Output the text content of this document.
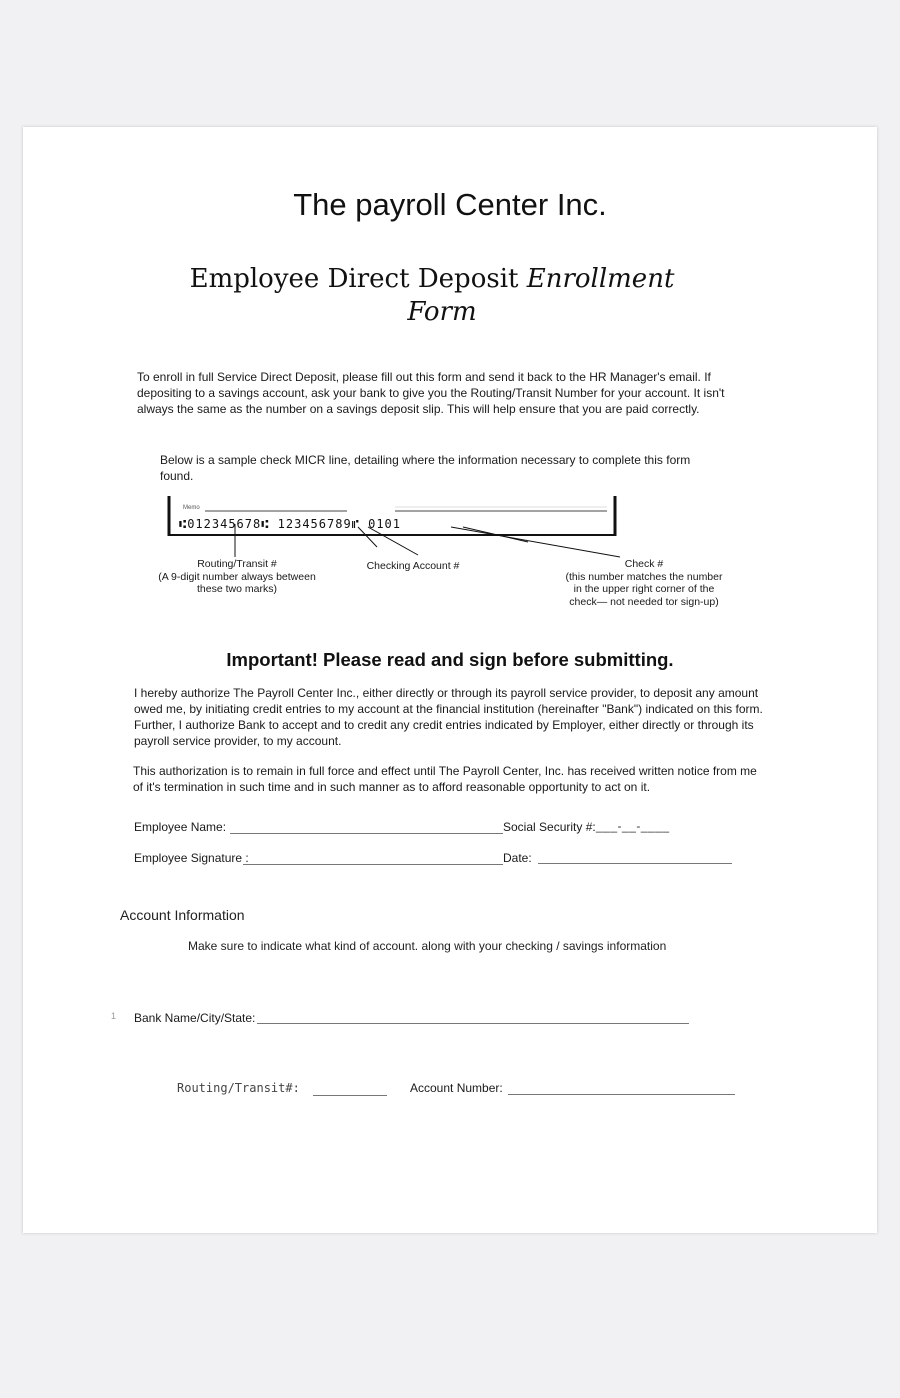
The payroll Center Inc.
Employee Direct Deposit Enrollment
Form
To enroll in full Service Direct Deposit, please fill out this form and send it back to the HR Manager's email. If depositing to a savings account, ask your bank to give you the Routing/Transit Number for your account. It isn't always the same as the number on a savings deposit slip. This will help ensure that you are paid correctly.
Below is a sample check MICR line, detailing where the information necessary to complete this form found.
Memo
⑆01234567​8⑆ 123456789⑈ 0101
Routing/Transit #
(A 9-digit number always between
these two marks)
Checking Account #	Check #
(this number matches the number
in the upper right corner of the
check— not needed tor sign-up)
Important! Please read and sign before submitting.
I hereby authorize The Payroll Center Inc., either directly or through its payroll service provider, to deposit any amount owed me, by initiating credit entries to my account at the financial institution (hereinafter "Bank") indicated on this form. Further, I authorize Bank to accept and to credit any credit entries indicated by Employer, either directly or through its payroll service provider, to my account.
This authorization is to remain in full force and effect until The Payroll Center, Inc. has received written notice from me of it's termination in such time and in such manner as to afford reasonable opportunity to act on it.
Employee Name:	Social Security #: ___-__-____
Employee Signature :	Date:
Account Information
Make sure to indicate what kind of account. along with your checking / savings information
1 Bank Name/City/State:
Routing/Transit#:	Account Number:
